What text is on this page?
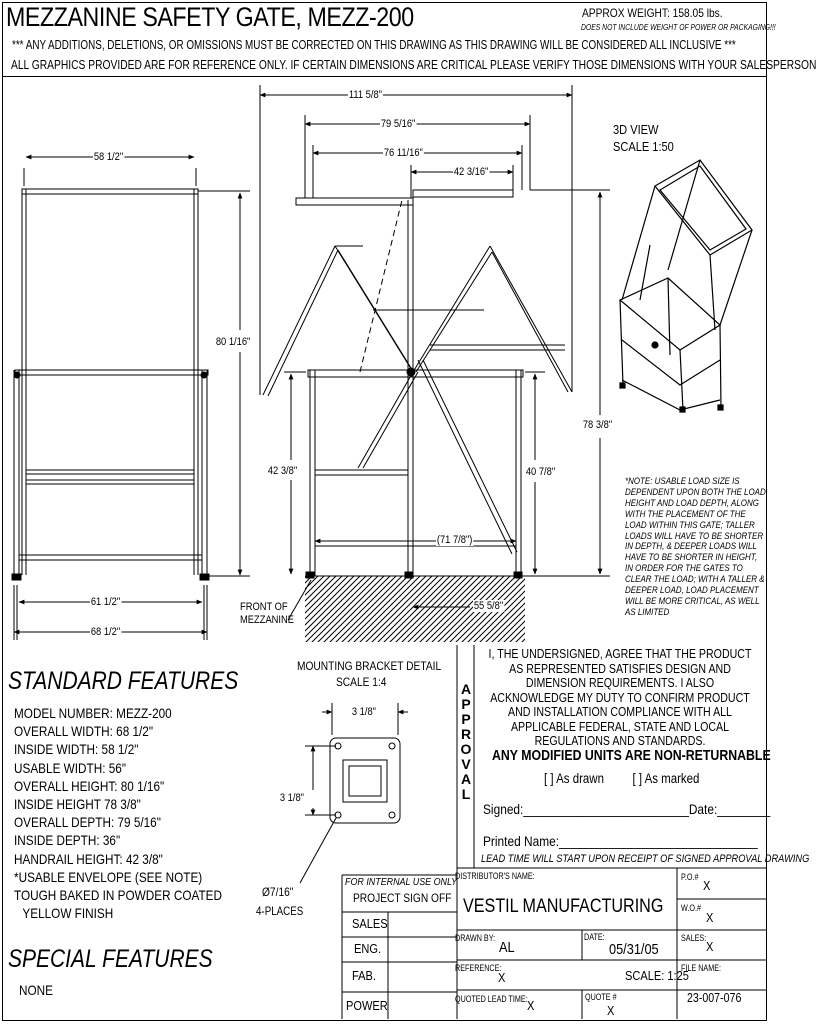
MEZZANINE SAFETY GATE, MEZZ-200	APPROX WEIGHT: 158.05 lbs.
DOES NOT INCLUDE WEIGHT OF POWER OR PACKAGING!!!
*** ANY ADDITIONS, DELETIONS, OR OMISSIONS MUST BE CORRECTED ON THIS DRAWING AS THIS DRAWING WILL BE CONSIDERED ALL INCLUSIVE ***
ALL GRAPHICS PROVIDED ARE FOR REFERENCE ONLY. IF CERTAIN DIMENSIONS ARE CRITICAL PLEASE VERIFY THOSE DIMENSIONS WITH YOUR SALESPERSON
111 5/8"
79 5/16"
76 11/16"
42 3/16"
58 1/2"
80 1/16"
78 3/8"
42 3/8"	40 7/8"
(71 7/8")
61 1/2"
68 1/2"
55 5/8"
FRONT OF
MEZZANINE
3D VIEW
SCALE 1:50
*NOTE: USABLE LOAD SIZE IS DEPENDENT UPON BOTH THE LOAD HEIGHT AND LOAD DEPTH, ALONG WITH THE PLACEMENT OF THE LOAD WITHIN THIS GATE; TALLER LOADS WILL HAVE TO BE SHORTER IN DEPTH, & DEEPER LOADS WILL HAVE TO BE SHORTER IN HEIGHT, IN ORDER FOR THE GATES TO CLEAR THE LOAD; WITH A TALLER & DEEPER LOAD, LOAD PLACEMENT WILL BE MORE CRITICAL, AS WELL AS LIMITED
STANDARD FEATURES
MODEL NUMBER: MEZZ-200
OVERALL WIDTH: 68 1/2"
INSIDE WIDTH: 58 1/2"
USABLE WIDTH: 56"
OVERALL HEIGHT: 80 1/16"
INSIDE HEIGHT 78 3/8"
OVERALL DEPTH: 79 5/16"
INSIDE DEPTH: 36"
HANDRAIL HEIGHT: 42 3/8"
*USABLE ENVELOPE (SEE NOTE)
TOUGH BAKED IN POWDER COATED
YELLOW FINISH
SPECIAL FEATURES
NONE
MOUNTING BRACKET DETAIL
SCALE 1:4
3 1/8"
3 1/8"
Ø7/16"
4-PLACES
A
P
P
R
O
V
A
L
I, THE UNDERSIGNED, AGREE THAT THE PRODUCT AS REPRESENTED SATISFIES DESIGN AND DIMENSION REQUIREMENTS. I ALSO ACKNOWLEDGE MY DUTY TO CONFIRM PRODUCT AND INSTALLATION COMPLIANCE WITH ALL APPLICABLE FEDERAL, STATE AND LOCAL REGULATIONS AND STANDARDS.
ANY MODIFIED UNITS ARE NON-RETURNABLE
[ ] As drawn [ ] As marked
Signed:_________________________Date:________
Printed Name:______________________________
LEAD TIME WILL START UPON RECEIPT OF SIGNED APPROVAL DRAWING
FOR INTERNAL USE ONLY
PROJECT SIGN OFF
SALES
ENG.
FAB.
POWER
DISTRIBUTOR'S NAME:
VESTIL MANUFACTURING
P.O.#
X
W.O.#
X
DRAWN BY:
AL
DATE:
05/31/05
SALES:
X
REFERENCE:
X	SCALE: 1:25
FILE NAME:
QUOTED LEAD TIME: X
QUOTE #
X
23-007-076
